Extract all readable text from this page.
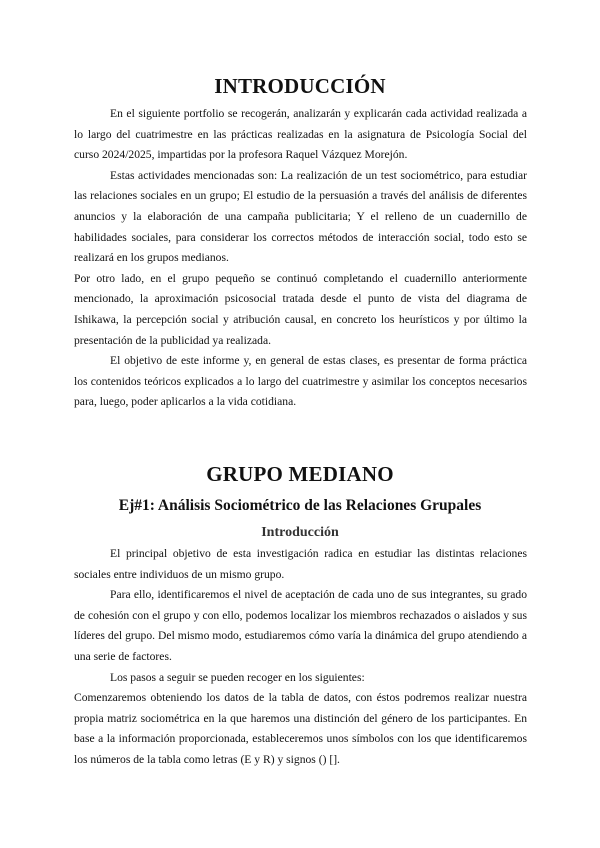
INTRODUCCIÓN

En el siguiente portfolio se recogerán, analizarán y explicarán cada actividad realizada a lo largo del cuatrimestre en las prácticas realizadas en la asignatura de Psicología Social del curso 2024/2025, impartidas por la profesora Raquel Vázquez Morejón.

Estas actividades mencionadas son: La realización de un test sociométrico, para estudiar las relaciones sociales en un grupo; El estudio de la persuasión a través del análisis de diferentes anuncios y la elaboración de una campaña publicitaria; Y el relleno de un cuadernillo de habilidades sociales, para considerar los correctos métodos de interacción social, todo esto se realizará en los grupos medianos.

Por otro lado, en el grupo pequeño se continuó completando el cuadernillo anteriormente mencionado, la aproximación psicosocial tratada desde el punto de vista del diagrama de Ishikawa, la percepción social y atribución causal, en concreto los heurísticos y por último la presentación de la publicidad ya realizada.

El objetivo de este informe y, en general de estas clases, es presentar de forma práctica los contenidos teóricos explicados a lo largo del cuatrimestre y asimilar los conceptos necesarios para, luego, poder aplicarlos a la vida cotidiana.

GRUPO MEDIANO
Ej#1: Análisis Sociométrico de las Relaciones Grupales
Introducción

El principal objetivo de esta investigación radica en estudiar las distintas relaciones sociales entre individuos de un mismo grupo.

Para ello, identificaremos el nivel de aceptación de cada uno de sus integrantes, su grado de cohesión con el grupo y con ello, podemos localizar los miembros rechazados o aislados y sus líderes del grupo. Del mismo modo, estudiaremos cómo varía la dinámica del grupo atendiendo a una serie de factores.

Los pasos a seguir se pueden recoger en los siguientes:

Comenzaremos obteniendo los datos de la tabla de datos, con éstos podremos realizar nuestra propia matriz sociométrica en la que haremos una distinción del género de los participantes. En base a la información proporcionada, estableceremos unos símbolos con los que identificaremos los números de la tabla como letras (E y R) y signos () [].
